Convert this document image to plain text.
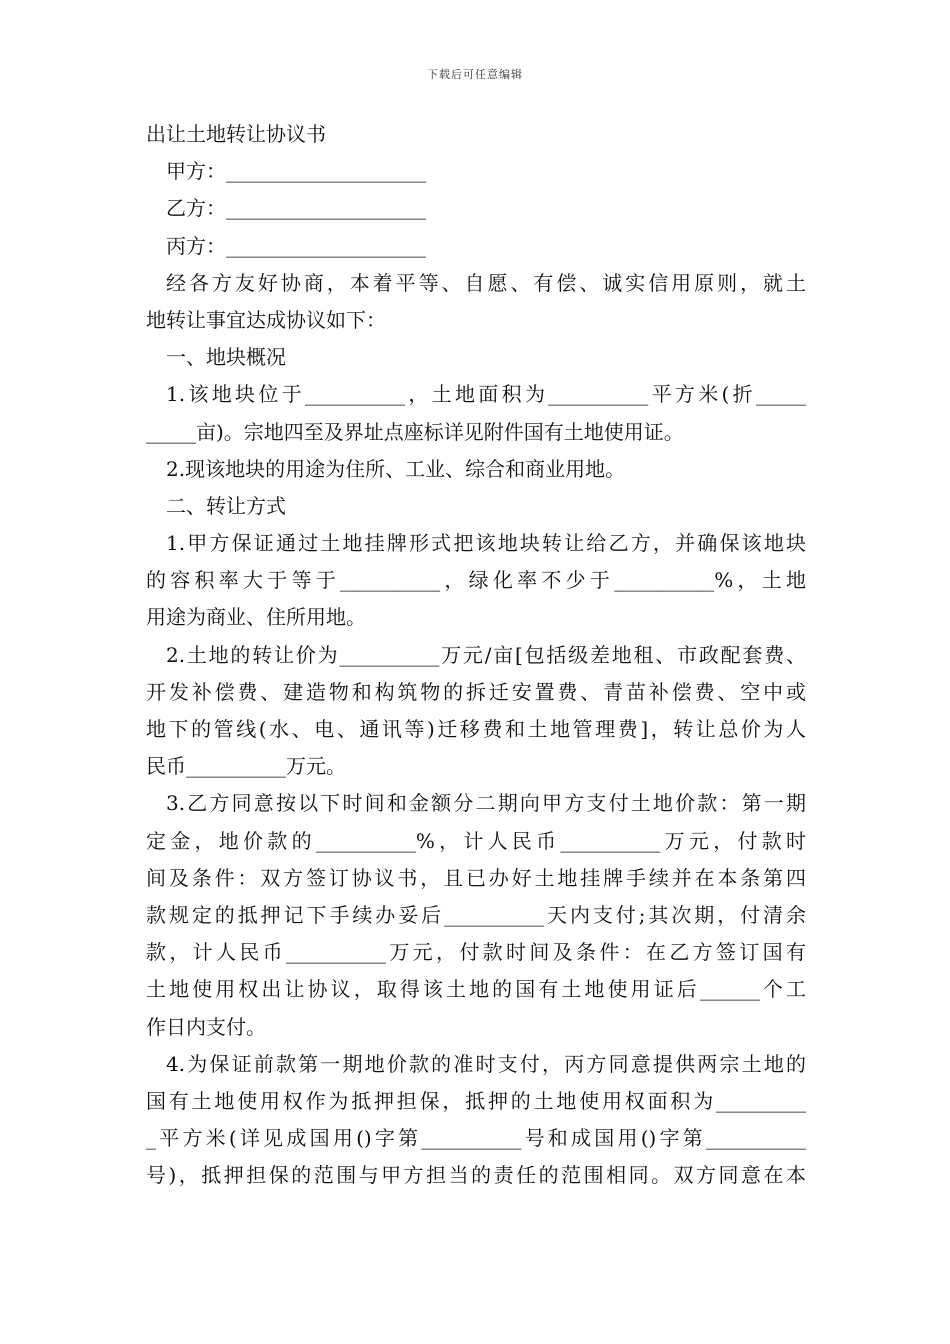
下载后可任意编辑
出让土地转让协议书
甲方：____________________
乙方：____________________
丙方：____________________
经各方友好协商，本着平等、自愿、有偿、诚实信用原则，就土
地转让事宜达成协议如下：
一、地块概况
1.该地块位于__________，土地面积为__________平方米(折_____
_____亩)。宗地四至及界址点座标详见附件国有土地使用证。
2.现该地块的用途为住所、工业、综合和商业用地。
二、转让方式
1.甲方保证通过土地挂牌形式把该地块转让给乙方，并确保该地块
的容积率大于等于__________，绿化率不少于__________%，土地
用途为商业、住所用地。
2.土地的转让价为__________万元/亩[包括级差地租、市政配套费、
开发补偿费、建造物和构筑物的拆迁安置费、青苗补偿费、空中或
地下的管线(水、电、通讯等)迁移费和土地管理费]，转让总价为人
民币__________万元。
3.乙方同意按以下时间和金额分二期向甲方支付土地价款：第一期
定金，地价款的__________%，计人民币__________万元，付款时
间及条件：双方签订协议书，且已办好土地挂牌手续并在本条第四
款规定的抵押记下手续办妥后__________天内支付;其次期，付清余
款，计人民币__________万元，付款时间及条件：在乙方签订国有
土地使用权出让协议，取得该土地的国有土地使用证后______个工
作日内支付。
4.为保证前款第一期地价款的准时支付，丙方同意提供两宗土地的
国有土地使用权作为抵押担保，抵押的土地使用权面积为_________
_平方米(详见成国用()字第__________号和成国用()字第__________
号)，抵押担保的范围与甲方担当的责任的范围相同。双方同意在本
